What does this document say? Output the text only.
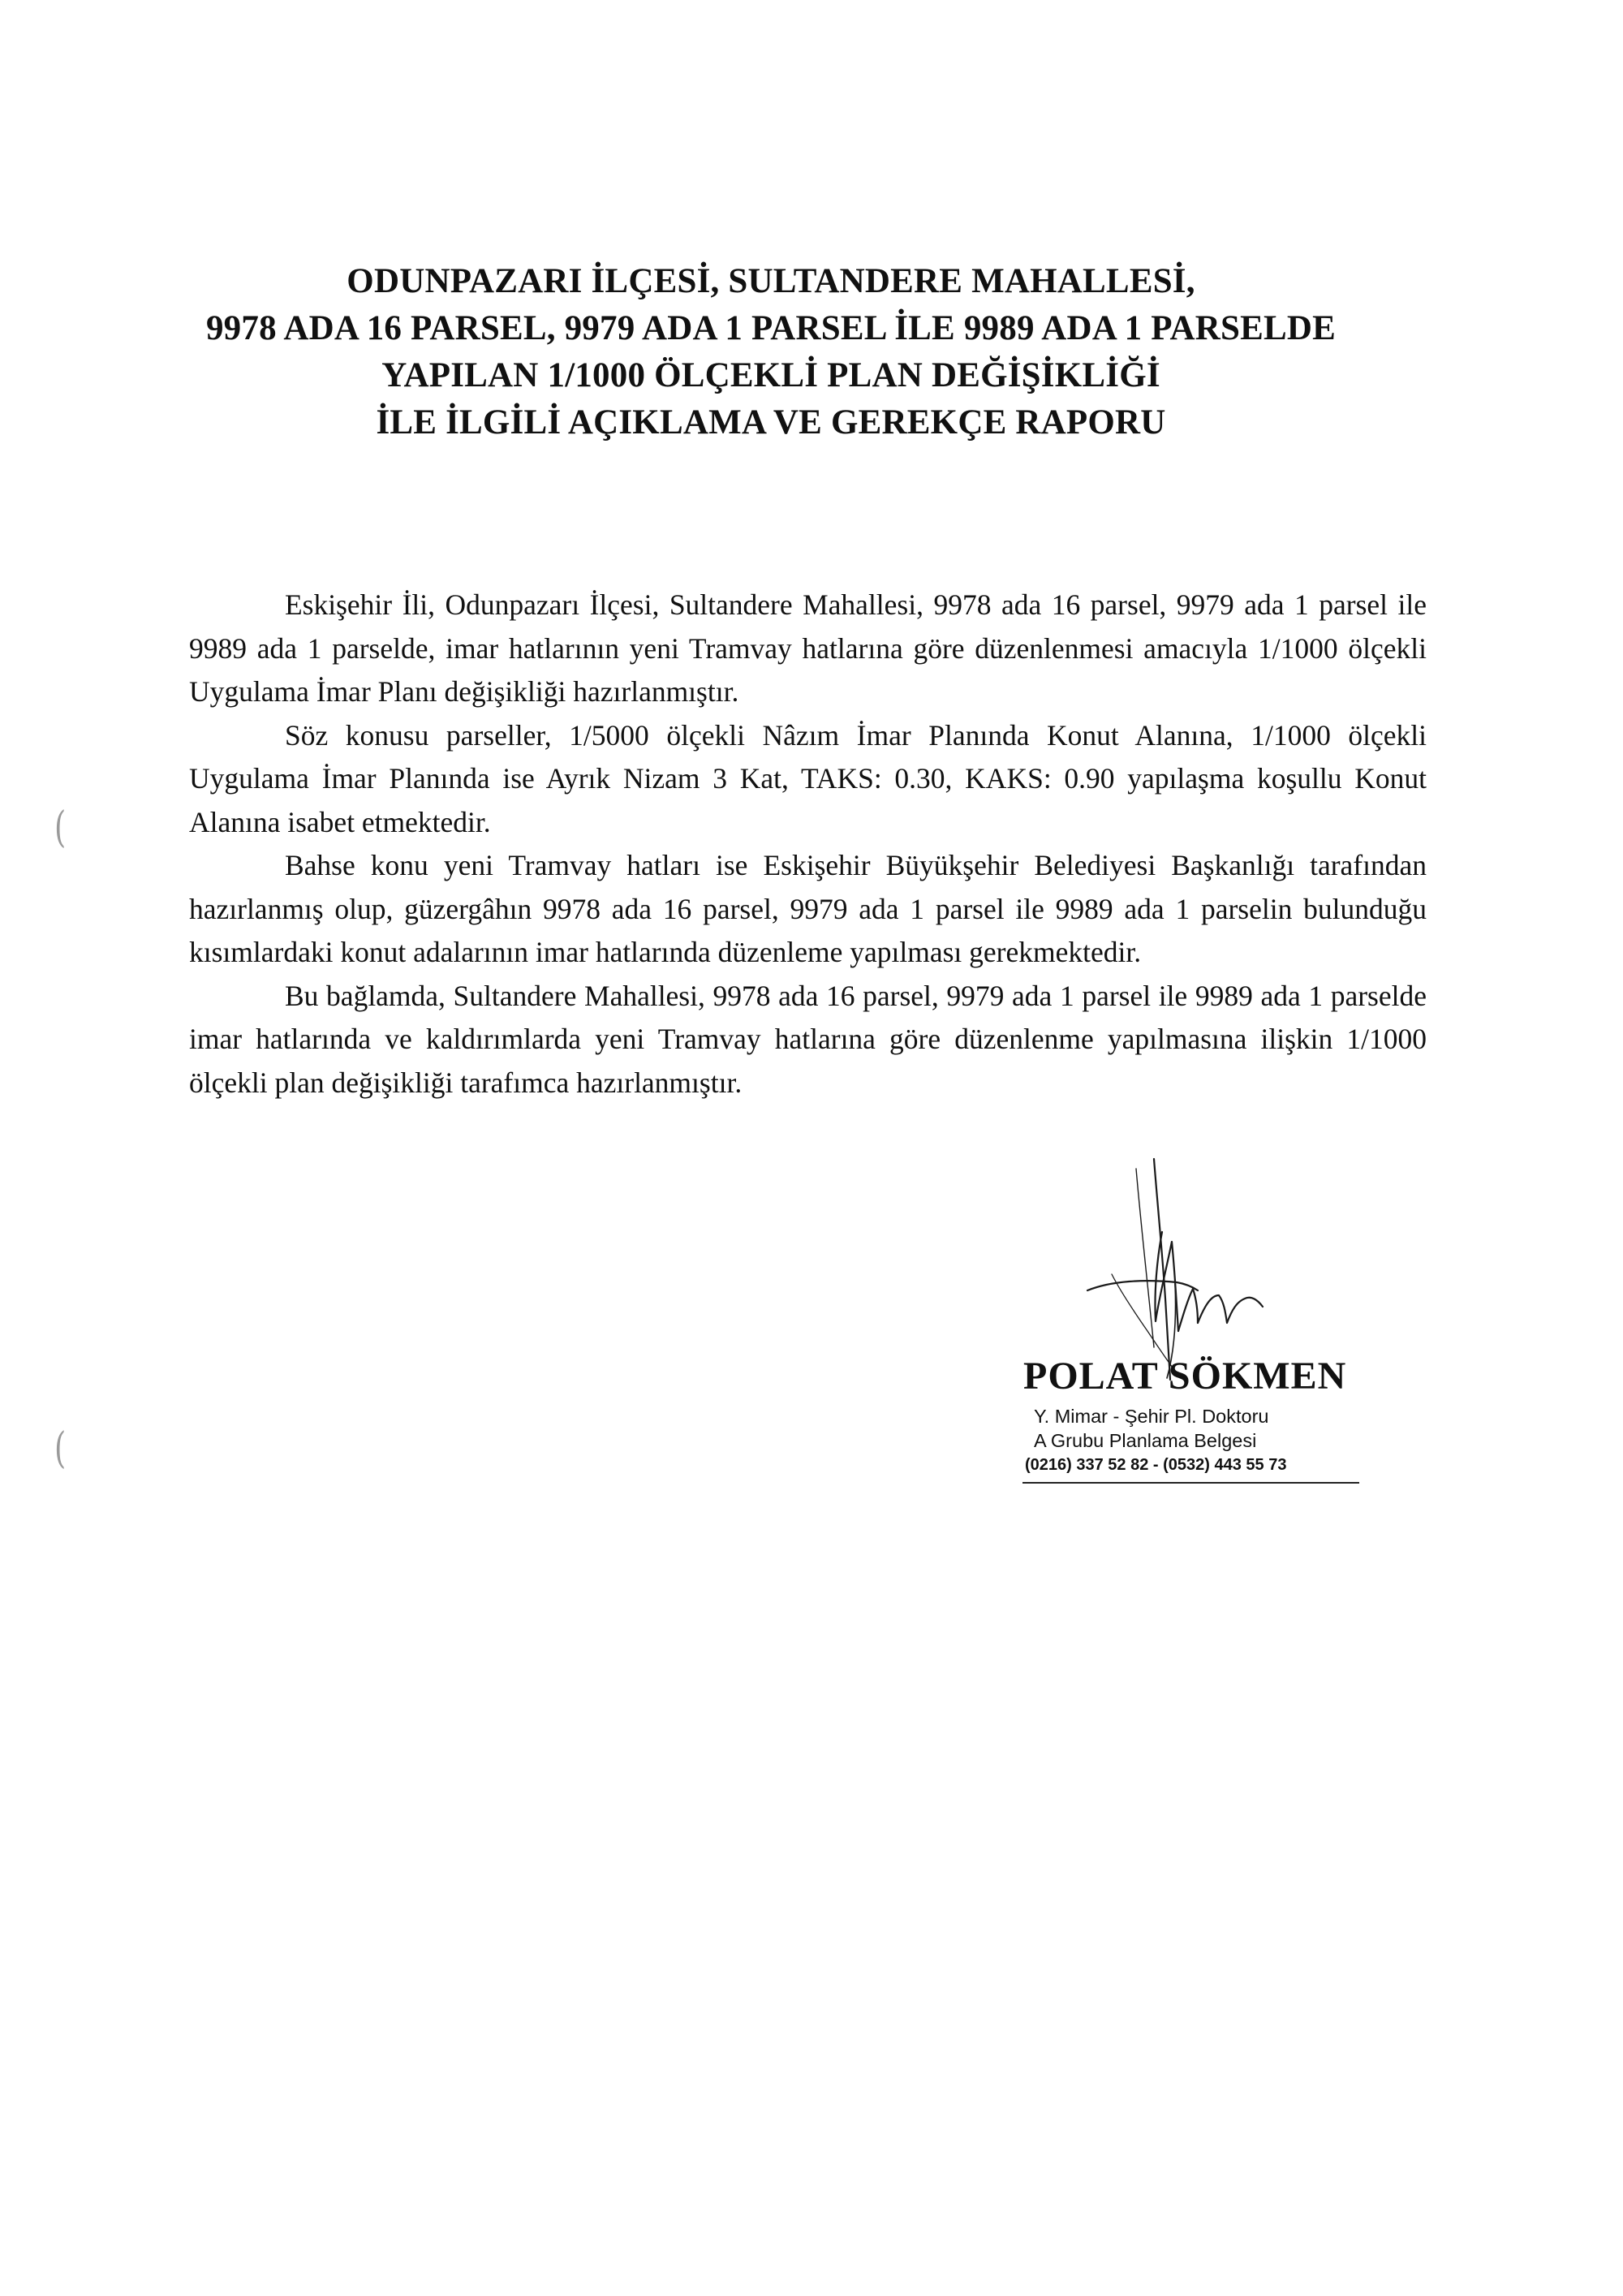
ODUNPAZARI İLÇESİ, SULTANDERE MAHALLESİ,
9978 ADA 16 PARSEL, 9979 ADA 1 PARSEL İLE 9989 ADA 1 PARSELDE
YAPILAN 1/1000 ÖLÇEKLİ PLAN DEĞİŞİKLİĞİ
İLE İLGİLİ AÇIKLAMA VE GEREKÇE RAPORU

Eskişehir İli, Odunpazarı İlçesi, Sultandere Mahallesi, 9978 ada 16 parsel, 9979 ada 1 parsel ile 9989 ada 1 parselde, imar hatlarının yeni Tramvay hatlarına göre düzenlenmesi amacıyla 1/1000 ölçekli Uygulama İmar Planı değişikliği hazırlanmıştır.

Söz konusu parseller, 1/5000 ölçekli Nâzım İmar Planında Konut Alanına, 1/1000 ölçekli Uygulama İmar Planında ise Ayrık Nizam 3 Kat, TAKS: 0.30, KAKS: 0.90 yapılaşma koşullu Konut Alanına isabet etmektedir.

Bahse konu yeni Tramvay hatları ise Eskişehir Büyükşehir Belediyesi Başkanlığı tarafından hazırlanmış olup, güzergâhın 9978 ada 16 parsel, 9979 ada 1 parsel ile 9989 ada 1 parselin bulunduğu kısımlardaki konut adalarının imar hatlarında düzenleme yapılması gerekmektedir.

Bu bağlamda, Sultandere Mahallesi, 9978 ada 16 parsel, 9979 ada 1 parsel ile 9989 ada 1 parselde imar hatlarında ve kaldırımlarda yeni Tramvay hatlarına göre düzenlenme yapılmasına ilişkin 1/1000 ölçekli plan değişikliği tarafımca hazırlanmıştır.

(
(
POLAT SÖKMEN
Y. Mimar - Şehir Pl. Doktoru
A Grubu Planlama Belgesi
(0216) 337 52 82 - (0532) 443 55 73
